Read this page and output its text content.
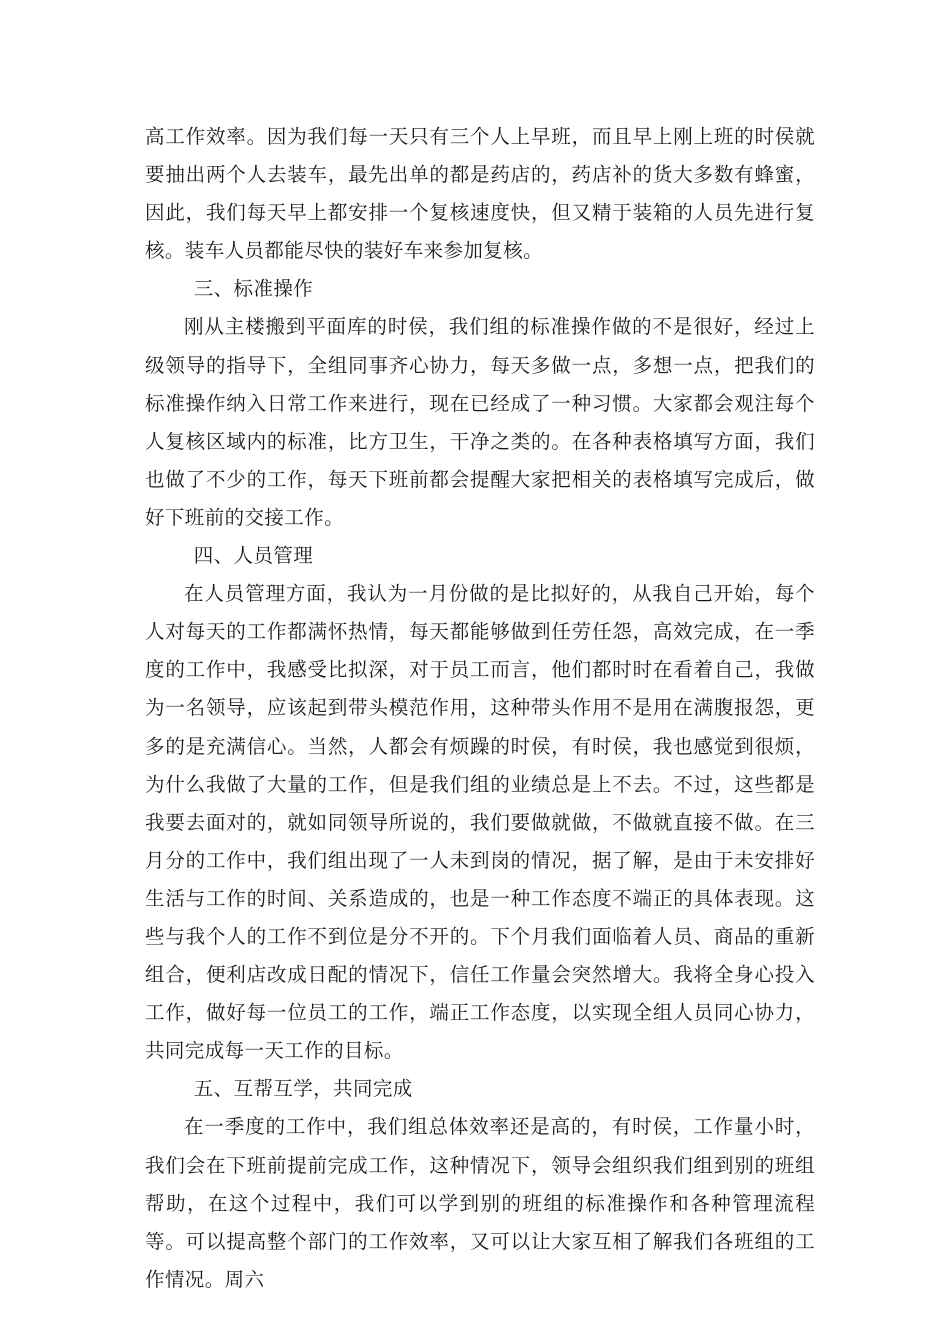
高工作效率。因为我们每一天只有三个人上早班，而且早上刚上班的时侯就要抽出两个人去装车，最先出单的都是药店的，药店补的货大多数有蜂蜜，因此，我们每天早上都安排一个复核速度快，但又精于装箱的人员先进行复核。装车人员都能尽快的装好车来参加复核。

三、标准操作

刚从主楼搬到平面库的时侯，我们组的标准操作做的不是很好，经过上级领导的指导下，全组同事齐心协力，每天多做一点，多想一点，把我们的标准操作纳入日常工作来进行，现在已经成了一种习惯。大家都会观注每个人复核区域内的标准，比方卫生，干净之类的。在各种表格填写方面，我们也做了不少的工作，每天下班前都会提醒大家把相关的表格填写完成后，做好下班前的交接工作。

四、人员管理

在人员管理方面，我认为一月份做的是比拟好的，从我自己开始，每个人对每天的工作都满怀热情，每天都能够做到任劳任怨，高效完成，在一季度的工作中，我感受比拟深，对于员工而言，他们都时时在看着自己，我做为一名领导，应该起到带头模范作用，这种带头作用不是用在满腹报怨，更多的是充满信心。当然，人都会有烦躁的时侯，有时侯，我也感觉到很烦，为什么我做了大量的工作，但是我们组的业绩总是上不去。不过，这些都是我要去面对的，就如同领导所说的，我们要做就做，不做就直接不做。在三月分的工作中，我们组出现了一人未到岗的情况，据了解，是由于未安排好生活与工作的时间、关系造成的，也是一种工作态度不端正的具体表现。这些与我个人的工作不到位是分不开的。下个月我们面临着人员、商品的重新组合，便利店改成日配的情况下，信任工作量会突然增大。我将全身心投入工作，做好每一位员工的工作，端正工作态度，以实现全组人员同心协力，共同完成每一天工作的目标。

五、互帮互学，共同完成

在一季度的工作中，我们组总体效率还是高的，有时侯，工作量小时，我们会在下班前提前完成工作，这种情况下，领导会组织我们组到别的班组帮助，在这个过程中，我们可以学到别的班组的标准操作和各种管理流程等。可以提高整个部门的工作效率，又可以让大家互相了解我们各班组的工作情况。周六
